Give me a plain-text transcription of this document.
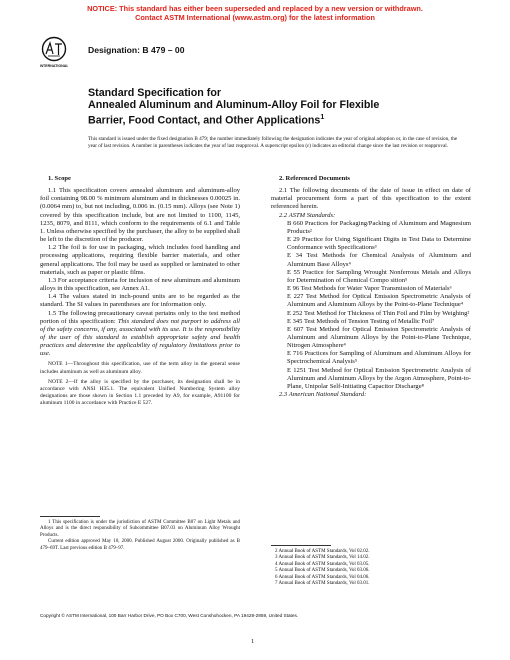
NOTICE: This standard has either been superseded and replaced by a new version or withdrawn.
Contact ASTM International (www.astm.org) for the latest information
INTERNATIONAL
Designation: B 479 – 00
Standard Specification for
Annealed Aluminum and Aluminum-Alloy Foil for Flexible
Barrier, Food Contact, and Other Applications$^1$
This standard is issued under the fixed designation B 479; the number immediately following the designation indicates the year of original adoption or, in the case of revision, the year of last revision. A number in parentheses indicates the year of last reapproval. A superscript epsilon (ε) indicates an editorial change since the last revision or reapproval.
1. Scope

1.1 This specification covers annealed aluminum and aluminum-alloy foil containing 98.00 % minimum aluminum and in thicknesses 0.00025 in. (0.0064 mm) to, but not including, 0.006 in. (0.15 mm). Alloys (see Note 1) covered by this specification include, but are not limited to 1100, 1145, 1235, 8079, and 8111, which conform to the requirements of 6.1 and Table 1. Unless otherwise specified by the purchaser, the alloy to be supplied shall be left to the discretion of the producer.

1.2 The foil is for use in packaging, which includes food handling and processing applications, requiring flexible barrier materials, and other general applications. The foil may be used as supplied or laminated to other materials, such as paper or plastic films.

1.3 For acceptance criteria for inclusion of new aluminum and aluminum alloys in this specification, see Annex A1.

1.4 The values stated in inch-pound units are to be regarded as the standard. The SI values in parentheses are for information only.

1.5 The following precautionary caveat pertains only to the test method portion of this specification: This standard does not purport to address all of the safety concerns, if any, associated with its use. It is the responsibility of the user of this standard to establish appropriate safety and health practices and determine the applicability of regulatory limitations prior to use.

NOTE 1—Throughout this specification, use of the term alloy in the general sense includes aluminum as well as aluminum alloy.

NOTE 2—If the alloy is specified by the purchaser, its designation shall be in accordance with ANSI H35.1. The equivalent Unified Numbering System alloy designations are those shown in Section 1.1 preceded by A9, for example, A91100 for aluminum 1100 in accordance with Practice E 527.

1 This specification is under the jurisdiction of ASTM Committee B07 on Light Metals and Alloys and is the direct responsibility of Subcommittee B07.03 on Aluminum Alloy Wrought Products.

Current edition approved May 10, 2000. Published August 2000. Originally published as B 479–69T. Last previous edition B 479–97.

2. Referenced Documents

2.1 The following documents of the date of issue in effect on date of material procurement form a part of this specification to the extent referenced herein.

2.2 ASTM Standards:

B 660 Practices for Packaging/Packing of Aluminum and Magnesium Products²

E 29 Practice for Using Significant Digits in Test Data to Determine Conformance with Specifications³

E 34 Test Methods for Chemical Analysis of Aluminum and Aluminum Base Alloys⁴

E 55 Practice for Sampling Wrought Nonferrous Metals and Alloys for Determination of Chemical Compo sition⁵

E 96 Test Methods for Water Vapor Transmission of Materials⁶

E 227 Test Method for Optical Emission Spectrometric Analysis of Aluminum and Aluminum Alloys by the Point-to-Plane Technique⁴

E 252 Test Method for Thickness of Thin Foil and Film by Weighing²

E 345 Test Methods of Tension Testing of Metallic Foil⁷

E 607 Test Method for Optical Emission Spectrometric Analysis of Aluminum and Aluminum Alloys by the Point-to-Plane Technique, Nitrogen Atmosphere⁴

E 716 Practices for Sampling of Aluminum and Aluminum Alloys for Spectrochemical Analysis⁵

E 1251 Test Method for Optical Emission Spectrometric Analysis of Aluminum and Aluminum Alloys by the Argon Atmosphere, Point-to-Plane, Unipolar Self-Initiating Capacitor Discharge⁸

2.3 American National Standard:

2 Annual Book of ASTM Standards, Vol 02.02.

3 Annual Book of ASTM Standards, Vol 14.02.

4 Annual Book of ASTM Standards, Vol 03.05.

5 Annual Book of ASTM Standards, Vol 03.06.

6 Annual Book of ASTM Standards, Vol 04.06.

7 Annual Book of ASTM Standards, Vol 03.01.

Copyright © ASTM International, 100 Barr Harbor Drive, PO Box C700, West Conshohocken, PA 19428-2959, United States.
1
